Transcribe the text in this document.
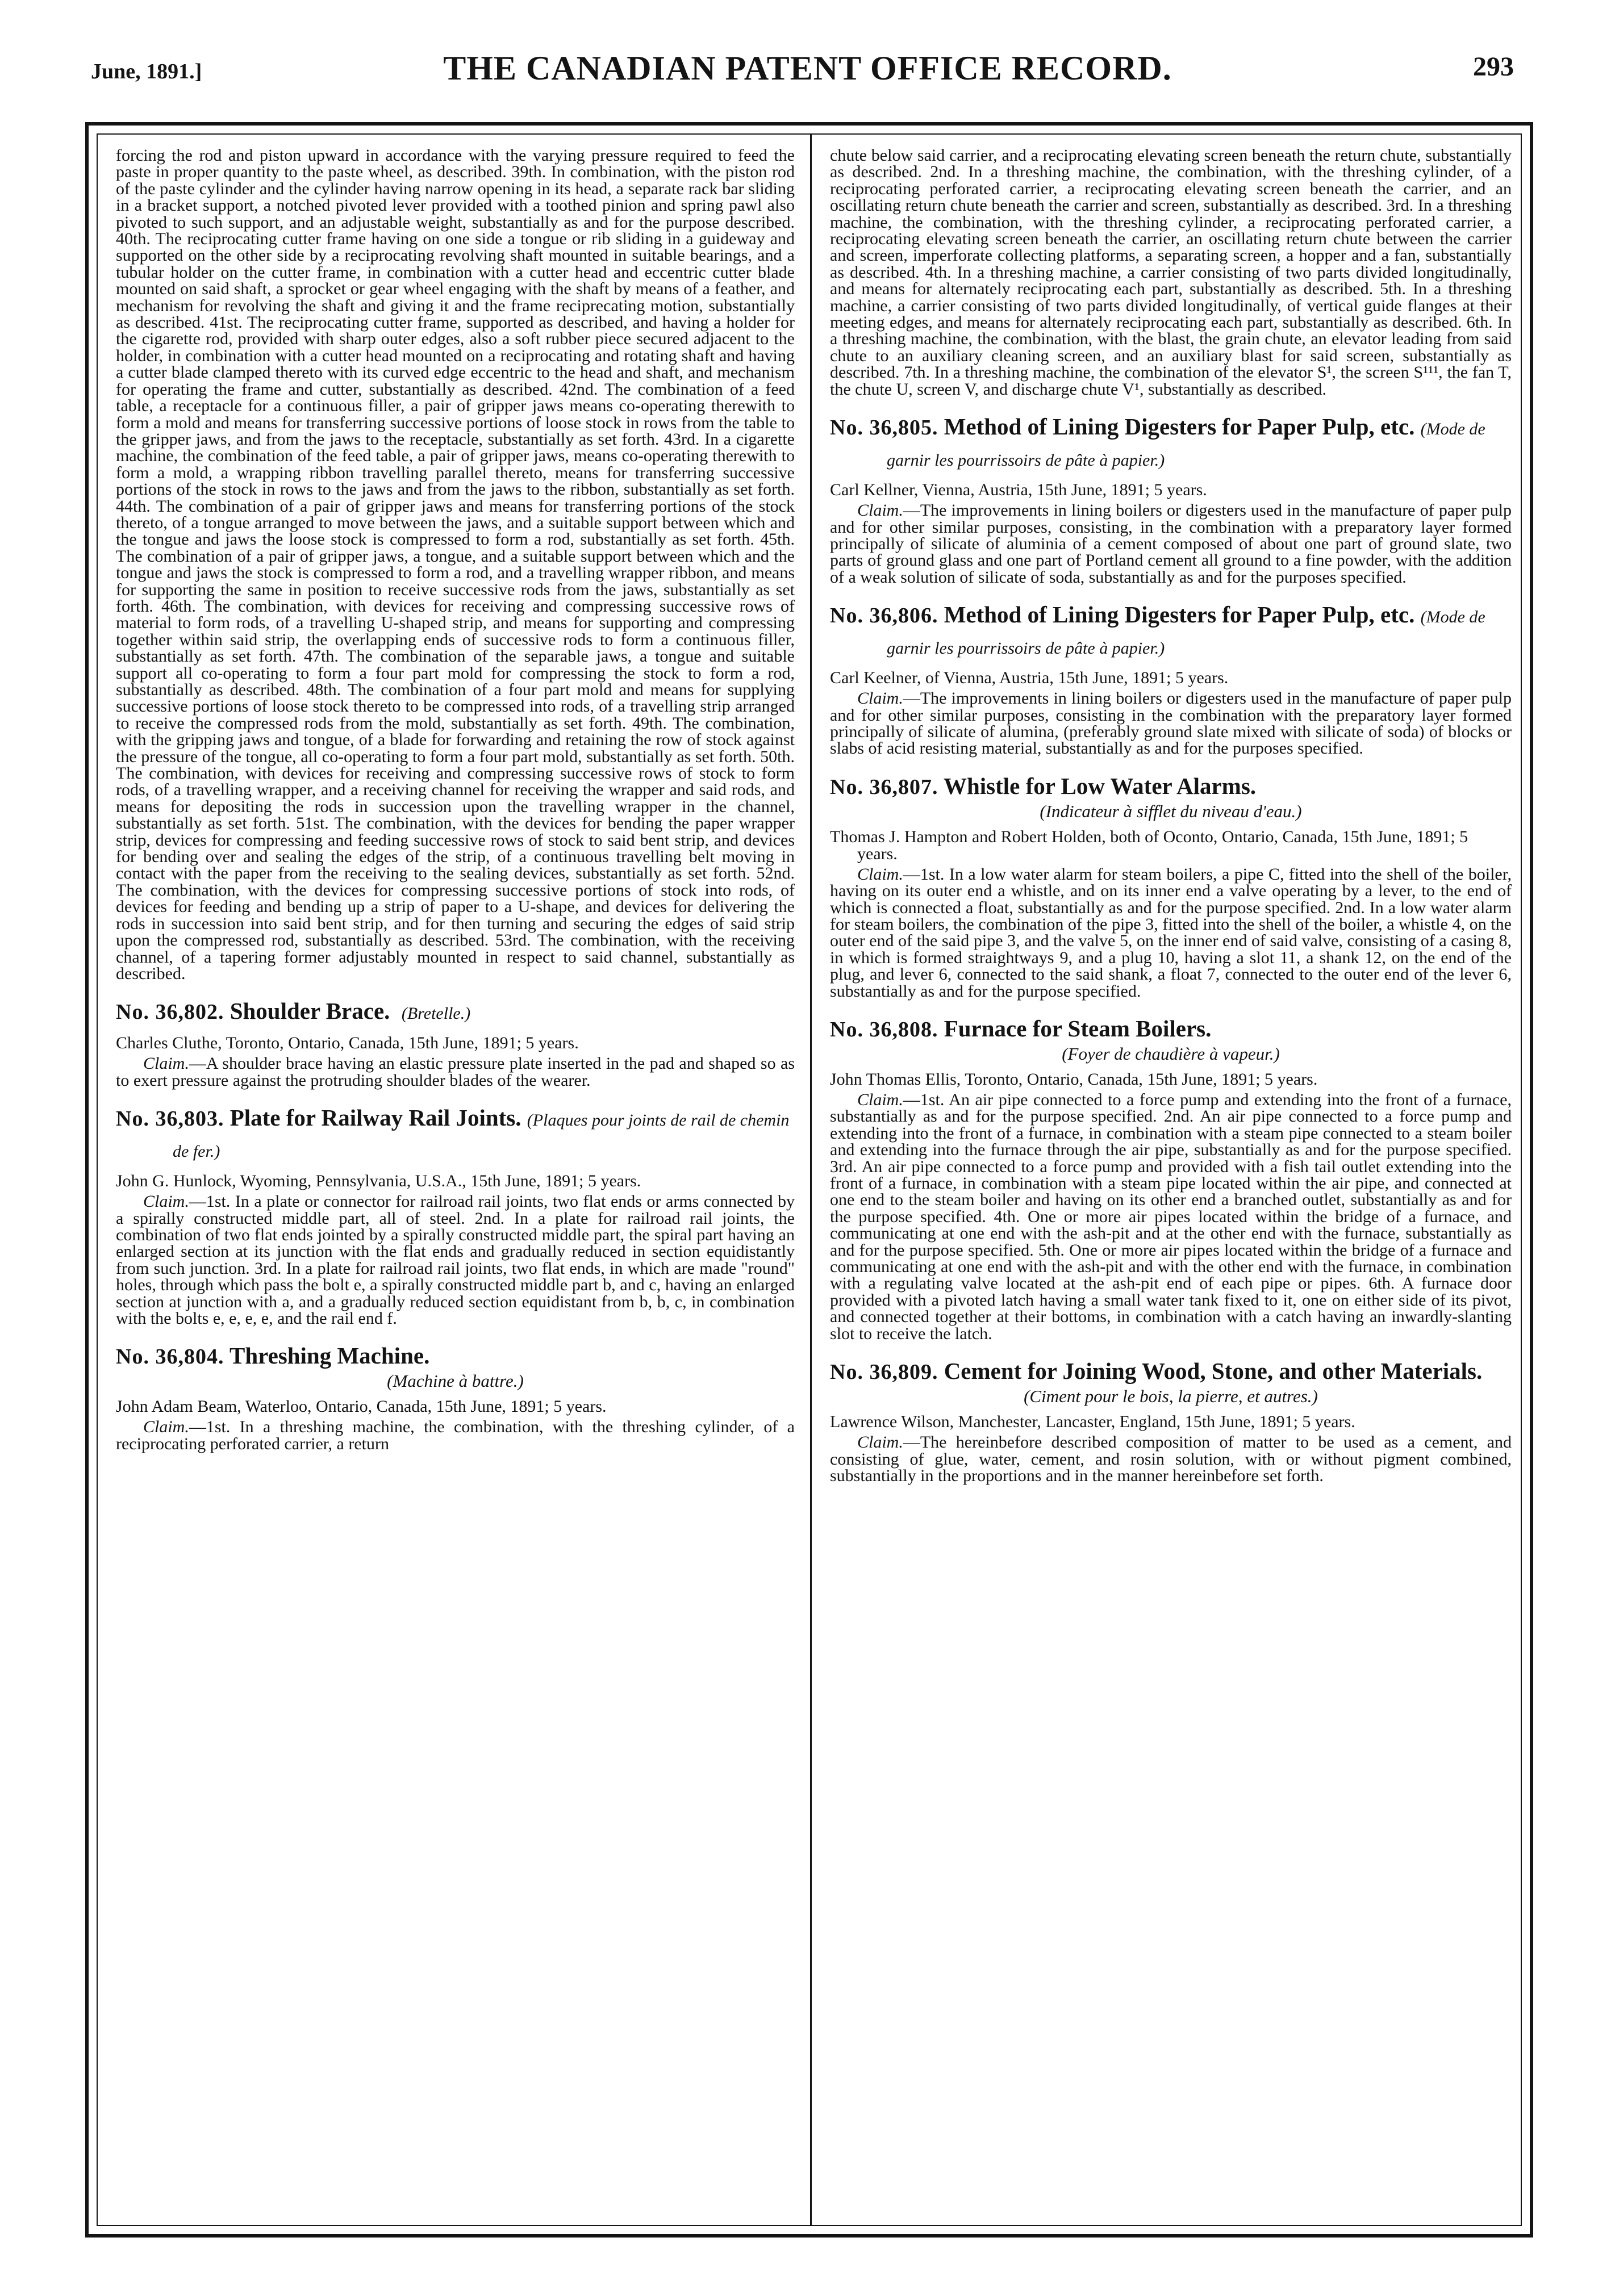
June, 1891.]	THE CANADIAN PATENT OFFICE RECORD.	293

forcing the rod and piston upward in accordance with the varying pressure required to feed the paste in proper quantity to the paste wheel, as described. 39th. In combination, with the piston rod of the paste cylinder and the cylinder having narrow opening in its head, a separate rack bar sliding in a bracket support, a notched pivoted lever provided with a toothed pinion and spring pawl also pivoted to such support, and an adjustable weight, substantially as and for the purpose described. 40th. The reciprocating cutter frame having on one side a tongue or rib sliding in a guideway and supported on the other side by a reciprocating revolving shaft mounted in suitable bearings, and a tubular holder on the cutter frame, in combination with a cutter head and eccentric cutter blade mounted on said shaft, a sprocket or gear wheel engaging with the shaft by means of a feather, and mechanism for revolving the shaft and giving it and the frame reciprecating motion, substantially as described. 41st. The reciprocating cutter frame, supported as described, and having a holder for the cigarette rod, provided with sharp outer edges, also a soft rubber piece secured adjacent to the holder, in combination with a cutter head mounted on a reciprocating and rotating shaft and having a cutter blade clamped thereto with its curved edge eccentric to the head and shaft, and mechanism for operating the frame and cutter, substantially as described. 42nd. The combination of a feed table, a receptacle for a continuous filler, a pair of gripper jaws means co-operating therewith to form a mold and means for transferring successive portions of loose stock in rows from the table to the gripper jaws, and from the jaws to the receptacle, substantially as set forth. 43rd. In a cigarette machine, the combination of the feed table, a pair of gripper jaws, means co-operating therewith to form a mold, a wrapping ribbon travelling parallel thereto, means for transferring successive portions of the stock in rows to the jaws and from the jaws to the ribbon, substantially as set forth. 44th. The combination of a pair of gripper jaws and means for transferring portions of the stock thereto, of a tongue arranged to move between the jaws, and a suitable support between which and the tongue and jaws the loose stock is compressed to form a rod, substantially as set forth. 45th. The combination of a pair of gripper jaws, a tongue, and a suitable support between which and the tongue and jaws the stock is compressed to form a rod, and a travelling wrapper ribbon, and means for supporting the same in position to receive successive rods from the jaws, substantially as set forth. 46th. The combination, with devices for receiving and compressing successive rows of material to form rods, of a travelling U-shaped strip, and means for supporting and compressing together within said strip, the overlapping ends of successive rods to form a continuous filler, substantially as set forth. 47th. The combination of the separable jaws, a tongue and suitable support all co-operating to form a four part mold for compressing the stock to form a rod, substantially as described. 48th. The combination of a four part mold and means for supplying successive portions of loose stock thereto to be compressed into rods, of a travelling strip arranged to receive the compressed rods from the mold, substantially as set forth. 49th. The combination, with the gripping jaws and tongue, of a blade for forwarding and retaining the row of stock against the pressure of the tongue, all co-operating to form a four part mold, substantially as set forth. 50th. The combination, with devices for receiving and compressing successive rows of stock to form rods, of a travelling wrapper, and a receiving channel for receiving the wrapper and said rods, and means for depositing the rods in succession upon the travelling wrapper in the channel, substantially as set forth. 51st. The combination, with the devices for bending the paper wrapper strip, devices for compressing and feeding successive rows of stock to said bent strip, and devices for bending over and sealing the edges of the strip, of a continuous travelling belt moving in contact with the paper from the receiving to the sealing devices, substantially as set forth. 52nd. The combination, with the devices for compressing successive portions of stock into rods, of devices for feeding and bending up a strip of paper to a U-shape, and devices for delivering the rods in succession into said bent strip, and for then turning and securing the edges of said strip upon the compressed rod, substantially as described. 53rd. The combination, with the receiving channel, of a tapering former adjustably mounted in respect to said channel, substantially as described.

No. 36,802. Shoulder Brace. (Bretelle.)

Charles Cluthe, Toronto, Ontario, Canada, 15th June, 1891; 5 years.

Claim.—A shoulder brace having an elastic pressure plate inserted in the pad and shaped so as to exert pressure against the protruding shoulder blades of the wearer.

No. 36,803. Plate for Railway Rail Joints. (Plaques pour joints de rail de chemin de fer.)

John G. Hunlock, Wyoming, Pennsylvania, U.S.A., 15th June, 1891; 5 years.

Claim.—1st. In a plate or connector for railroad rail joints, two flat ends or arms connected by a spirally constructed middle part, all of steel. 2nd. In a plate for railroad rail joints, the combination of two flat ends jointed by a spirally constructed middle part, the spiral part having an enlarged section at its junction with the flat ends and gradually reduced in section equidistantly from such junction. 3rd. In a plate for railroad rail joints, two flat ends, in which are made "round" holes, through which pass the bolt e, a spirally constructed middle part b, and c, having an enlarged section at junction with a, and a gradually reduced section equidistant from b, b, c, in combination with the bolts e, e, e, e, and the rail end f.

No. 36,804. Threshing Machine.

(Machine à battre.)

John Adam Beam, Waterloo, Ontario, Canada, 15th June, 1891; 5 years.

Claim.—1st. In a threshing machine, the combination, with the threshing cylinder, of a reciprocating perforated carrier, a return

chute below said carrier, and a reciprocating elevating screen beneath the return chute, substantially as described. 2nd. In a threshing machine, the combination, with the threshing cylinder, of a reciprocating perforated carrier, a reciprocating elevating screen beneath the carrier, and an oscillating return chute beneath the carrier and screen, substantially as described. 3rd. In a threshing machine, the combination, with the threshing cylinder, a reciprocating perforated carrier, a reciprocating elevating screen beneath the carrier, an oscillating return chute between the carrier and screen, imperforate collecting platforms, a separating screen, a hopper and a fan, substantially as described. 4th. In a threshing machine, a carrier consisting of two parts divided longitudinally, and means for alternately reciprocating each part, substantially as described. 5th. In a threshing machine, a carrier consisting of two parts divided longitudinally, of vertical guide flanges at their meeting edges, and means for alternately reciprocating each part, substantially as described. 6th. In a threshing machine, the combination, with the blast, the grain chute, an elevator leading from said chute to an auxiliary cleaning screen, and an auxiliary blast for said screen, substantially as described. 7th. In a threshing machine, the combination of the elevator S¹, the screen S¹¹¹, the fan T, the chute U, screen V, and discharge chute V¹, substantially as described.

No. 36,805. Method of Lining Digesters for Paper Pulp, etc. (Mode de garnir les pourrissoirs de pâte à papier.)

Carl Kellner, Vienna, Austria, 15th June, 1891; 5 years.

Claim.—The improvements in lining boilers or digesters used in the manufacture of paper pulp and for other similar purposes, consisting, in the combination with a preparatory layer formed principally of silicate of aluminia of a cement composed of about one part of ground slate, two parts of ground glass and one part of Portland cement all ground to a fine powder, with the addition of a weak solution of silicate of soda, substantially as and for the purposes specified.

No. 36,806. Method of Lining Digesters for Paper Pulp, etc. (Mode de garnir les pourrissoirs de pâte à papier.)

Carl Keelner, of Vienna, Austria, 15th June, 1891; 5 years.

Claim.—The improvements in lining boilers or digesters used in the manufacture of paper pulp and for other similar purposes, consisting in the combination with the preparatory layer formed principally of silicate of alumina, (preferably ground slate mixed with silicate of soda) of blocks or slabs of acid resisting material, substantially as and for the purposes specified.

No. 36,807. Whistle for Low Water Alarms.

(Indicateur à sifflet du niveau d'eau.)

Thomas J. Hampton and Robert Holden, both of Oconto, Ontario, Canada, 15th June, 1891; 5 years.

Claim.—1st. In a low water alarm for steam boilers, a pipe C, fitted into the shell of the boiler, having on its outer end a whistle, and on its inner end a valve operating by a lever, to the end of which is connected a float, substantially as and for the purpose specified. 2nd. In a low water alarm for steam boilers, the combination of the pipe 3, fitted into the shell of the boiler, a whistle 4, on the outer end of the said pipe 3, and the valve 5, on the inner end of said valve, consisting of a casing 8, in which is formed straightways 9, and a plug 10, having a slot 11, a shank 12, on the end of the plug, and lever 6, connected to the said shank, a float 7, connected to the outer end of the lever 6, substantially as and for the purpose specified.

No. 36,808. Furnace for Steam Boilers.

(Foyer de chaudière à vapeur.)

John Thomas Ellis, Toronto, Ontario, Canada, 15th June, 1891; 5 years.

Claim.—1st. An air pipe connected to a force pump and extending into the front of a furnace, substantially as and for the purpose specified. 2nd. An air pipe connected to a force pump and extending into the front of a furnace, in combination with a steam pipe connected to a steam boiler and extending into the furnace through the air pipe, substantially as and for the purpose specified. 3rd. An air pipe connected to a force pump and provided with a fish tail outlet extending into the front of a furnace, in combination with a steam pipe located within the air pipe, and connected at one end to the steam boiler and having on its other end a branched outlet, substantially as and for the purpose specified. 4th. One or more air pipes located within the bridge of a furnace, and communicating at one end with the ash-pit and at the other end with the furnace, substantially as and for the purpose specified. 5th. One or more air pipes located within the bridge of a furnace and communicating at one end with the ash-pit and with the other end with the furnace, in combination with a regulating valve located at the ash-pit end of each pipe or pipes. 6th. A furnace door provided with a pivoted latch having a small water tank fixed to it, one on either side of its pivot, and connected together at their bottoms, in combination with a catch having an inwardly-slanting slot to receive the latch.

No. 36,809. Cement for Joining Wood, Stone, and other Materials.

(Ciment pour le bois, la pierre, et autres.)

Lawrence Wilson, Manchester, Lancaster, England, 15th June, 1891; 5 years.

Claim.—The hereinbefore described composition of matter to be used as a cement, and consisting of glue, water, cement, and rosin solution, with or without pigment combined, substantially in the proportions and in the manner hereinbefore set forth.
